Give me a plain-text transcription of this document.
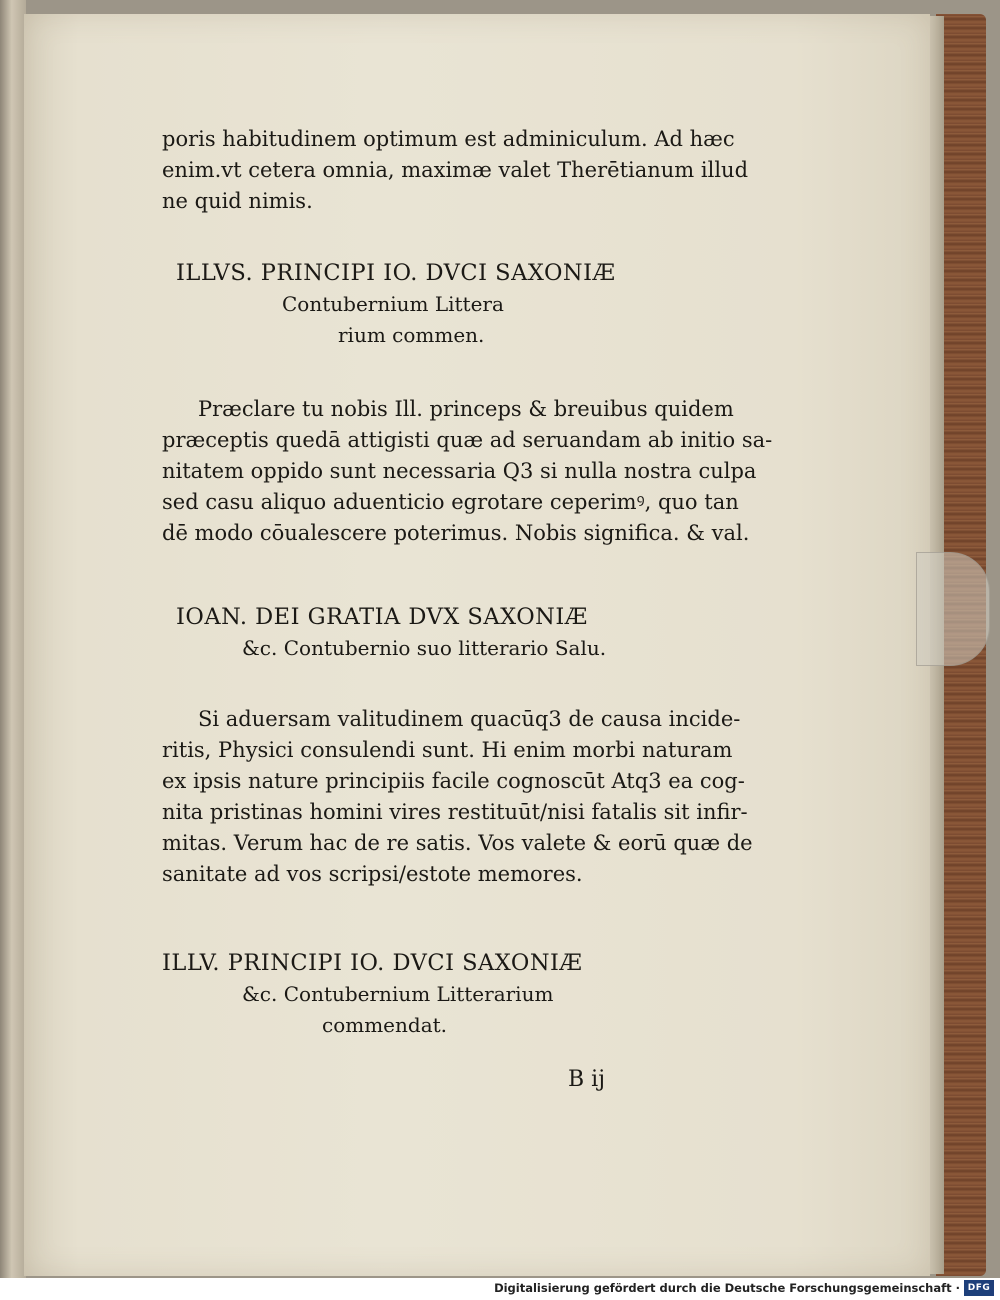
poris habitudinem optimum est adminiculum. Ad hæc
enim.vt cetera omnia, maximæ valet Therētianum illud
ne quid nimis.
ILLVS. PRINCIPI IO. DVCI SAXONIÆ
Contubernium Littera
rium commen.
Præclare tu nobis Ill. princeps & breuibus quidem
præceptis quedā attigisti quæ ad seruandam ab initio sa-
nitatem oppido sunt necessaria Q3 si nulla nostra culpa
sed casu aliquo aduenticio egrotare ceperimꝰ, quo tan
dē modo cōualescere poterimus. Nobis significa. & val.
IOAN. DEI GRATIA DVX SAXONIÆ
&c. Contubernio suo litterario Salu.
Si aduersam valitudinem quacūq3 de causa incide-
ritis, Physici consulendi sunt. Hi enim morbi naturam
ex ipsis nature principiis facile cognoscūt Atq3 ea cog-
nita pristinas homini vires restituūt/nisi fatalis sit infir-
mitas. Verum hac de re satis. Vos valete & eorū quæ de
sanitate ad vos scripsi/estote memores.
ILLV. PRINCIPI IO. DVCI SAXONIÆ
&c. Contubernium Litterarium
commendat.
B ij
Digitalisierung gefördert durch die Deutsche Forschungsgemeinschaft · DFG
